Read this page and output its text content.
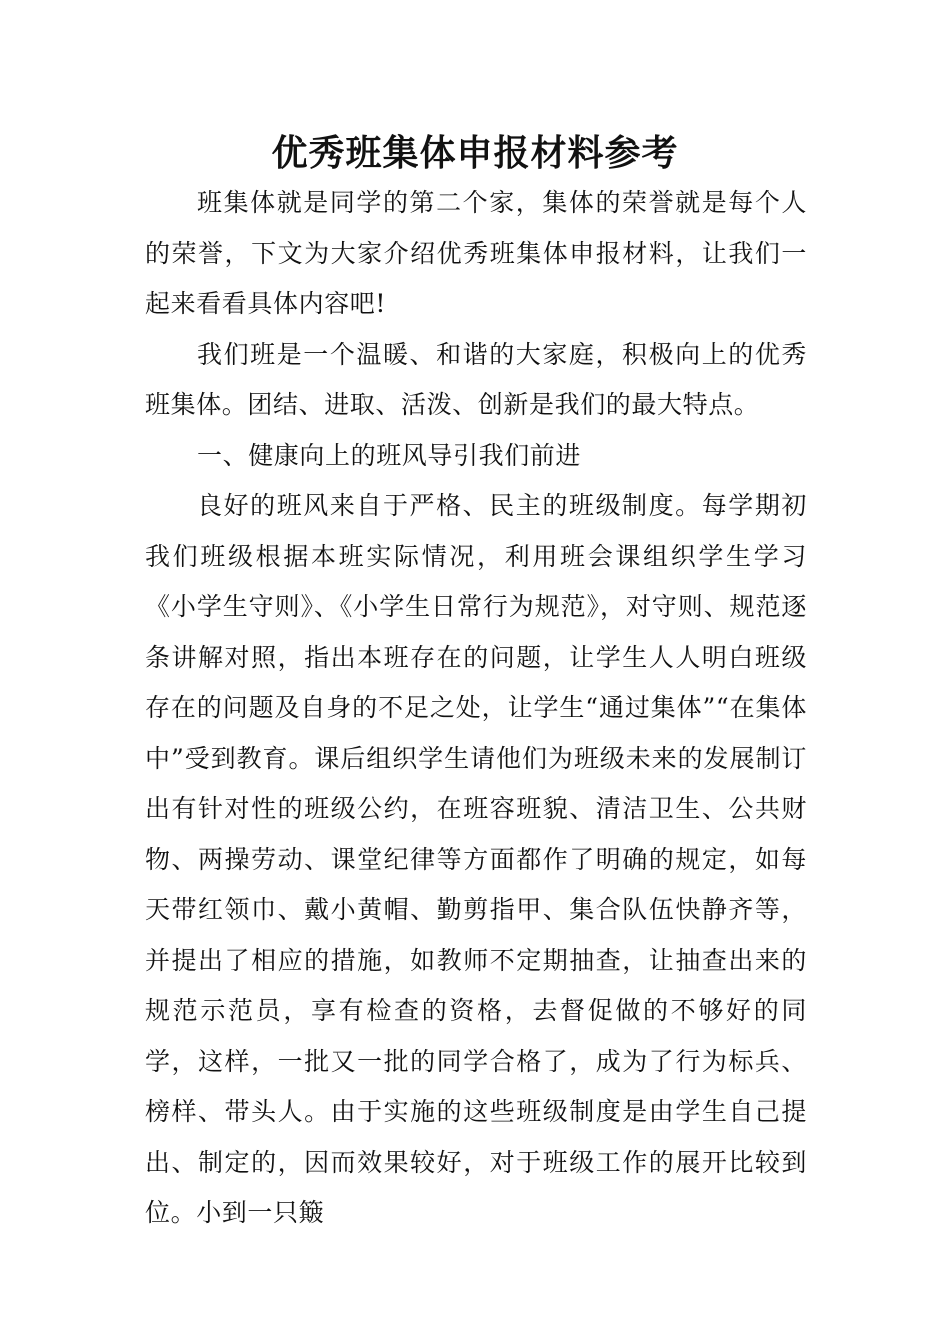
优秀班集体申报材料参考

班集体就是同学的第二个家，集体的荣誉就是每个人的荣誉，下文为大家介绍优秀班集体申报材料，让我们一起来看看具体内容吧!

我们班是一个温暖、和谐的大家庭，积极向上的优秀班集体。团结、进取、活泼、创新是我们的最大特点。

一、健康向上的班风导引我们前进

良好的班风来自于严格、民主的班级制度。每学期初我们班级根据本班实际情况，利用班会课组织学生学习《小学生守则》、《小学生日常行为规范》，对守则、规范逐条讲解对照，指出本班存在的问题，让学生人人明白班级存在的问题及自身的不足之处，让学生“通过集体”“在集体中”受到教育。课后组织学生请他们为班级未来的发展制订出有针对性的班级公约，在班容班貌、清洁卫生、公共财物、两操劳动、课堂纪律等方面都作了明确的规定，如每天带红领巾、戴小黄帽、勤剪指甲、集合队伍快静齐等，并提出了相应的措施，如教师不定期抽查，让抽查出来的规范示范员，享有检查的资格，去督促做的不够好的同学，这样，一批又一批的同学合格了，成为了行为标兵、榜样、带头人。由于实施的这些班级制度是由学生自己提出、制定的，因而效果较好，对于班级工作的展开比较到位。小到一只簸
